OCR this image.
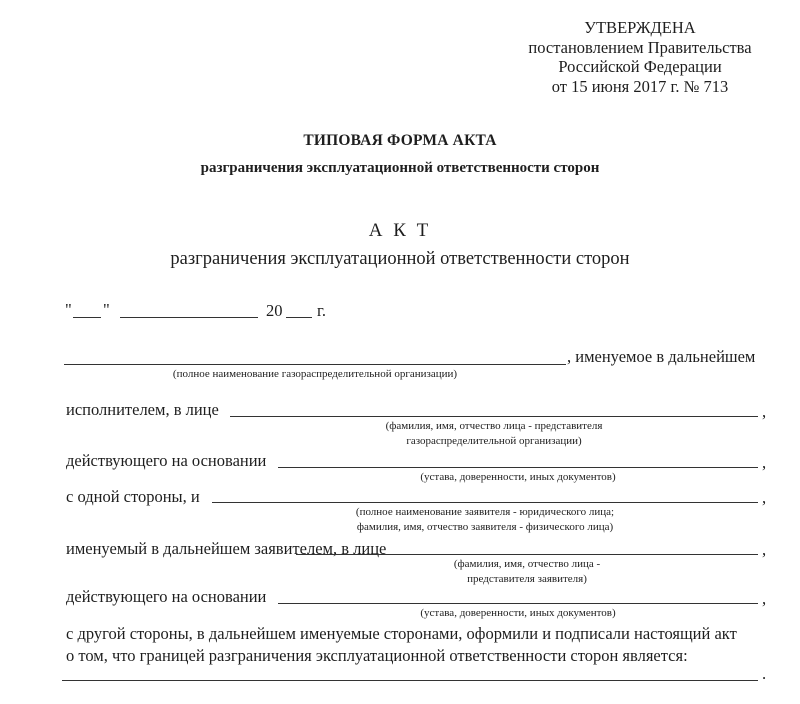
УТВЕРЖДЕНА
постановлением Правительства
Российской Федерации
от 15 июня 2017 г. № 713
ТИПОВАЯ ФОРМА АКТА
разграничения эксплуатационной ответственности сторон
А К Т
разграничения эксплуатационной ответственности сторон
" "	20 г.
, именуемое в дальнейшем
(полное наименование газораспределительной организации)
исполнителем, в лице	,
(фамилия, имя, отчество лица - представителя
газораспределительной организации)
действующего на основании	,
(устава, доверенности, иных документов)
с одной стороны, и	,
(полное наименование заявителя - юридического лица;
фамилия, имя, отчество заявителя - физического лица)
именуемый в дальнейшем заявителем, в лице	,
(фамилия, имя, отчество лица -
представителя заявителя)
действующего на основании	,
(устава, доверенности, иных документов)
с другой стороны, в дальнейшем именуемые сторонами, оформили и подписали настоящий акт
о том, что границей разграничения эксплуатационной ответственности сторон является:
.
